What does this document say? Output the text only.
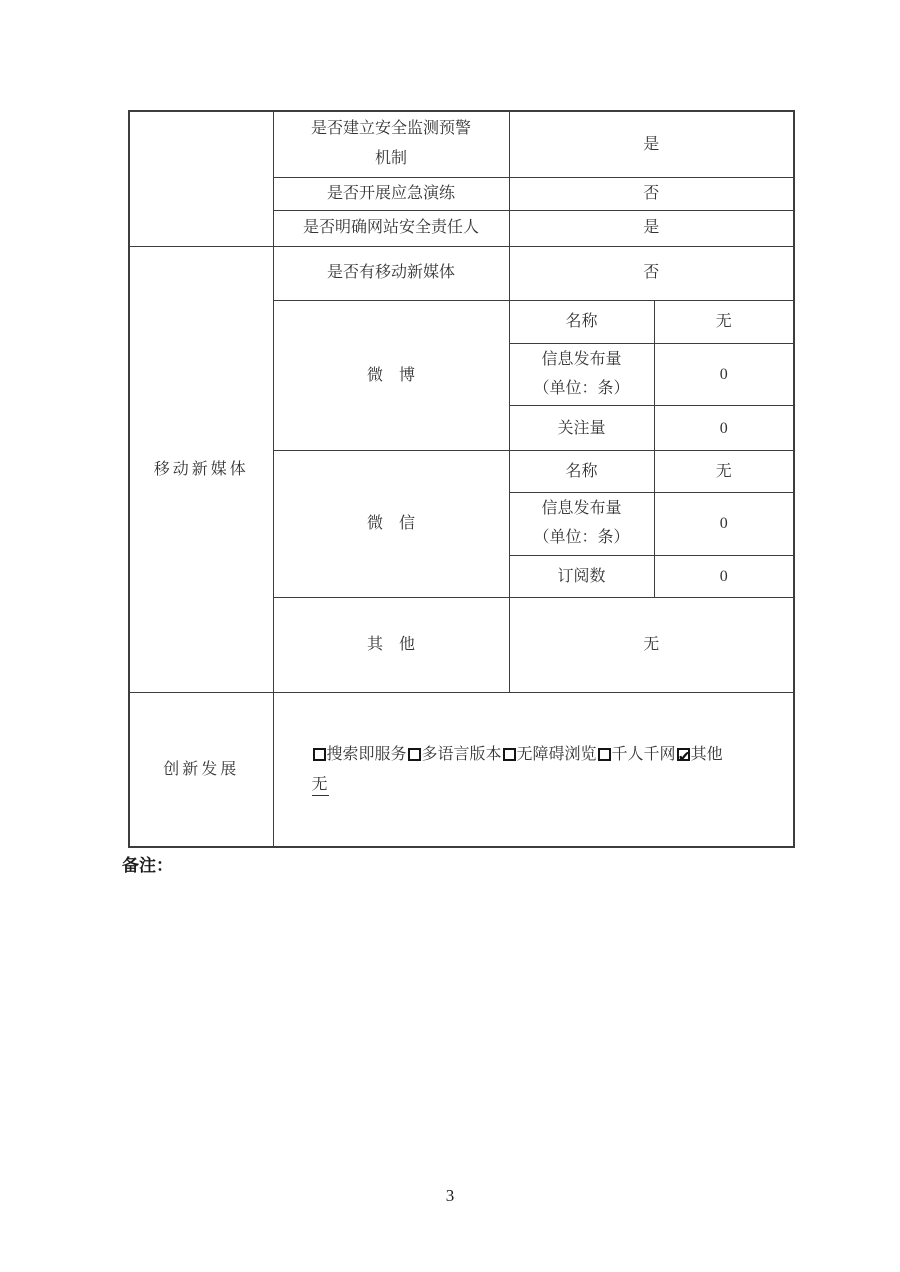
	是否建立安全监测预警机制	是	
	是否开展应急演练	否	
	是否明确网站安全责任人	是	
移动新媒体	是否有移动新媒体	否	
	微　博	名称	无
		信息发布量（单位：条）	0
		关注量	0
	微　信	名称	无
		信息发布量（单位：条）	0
		订阅数	0
	其　他	无	
创新发展	搜索即服务 多语言版本 无障碍浏览 千人千网 ✔ 其他
无
备注：
3
